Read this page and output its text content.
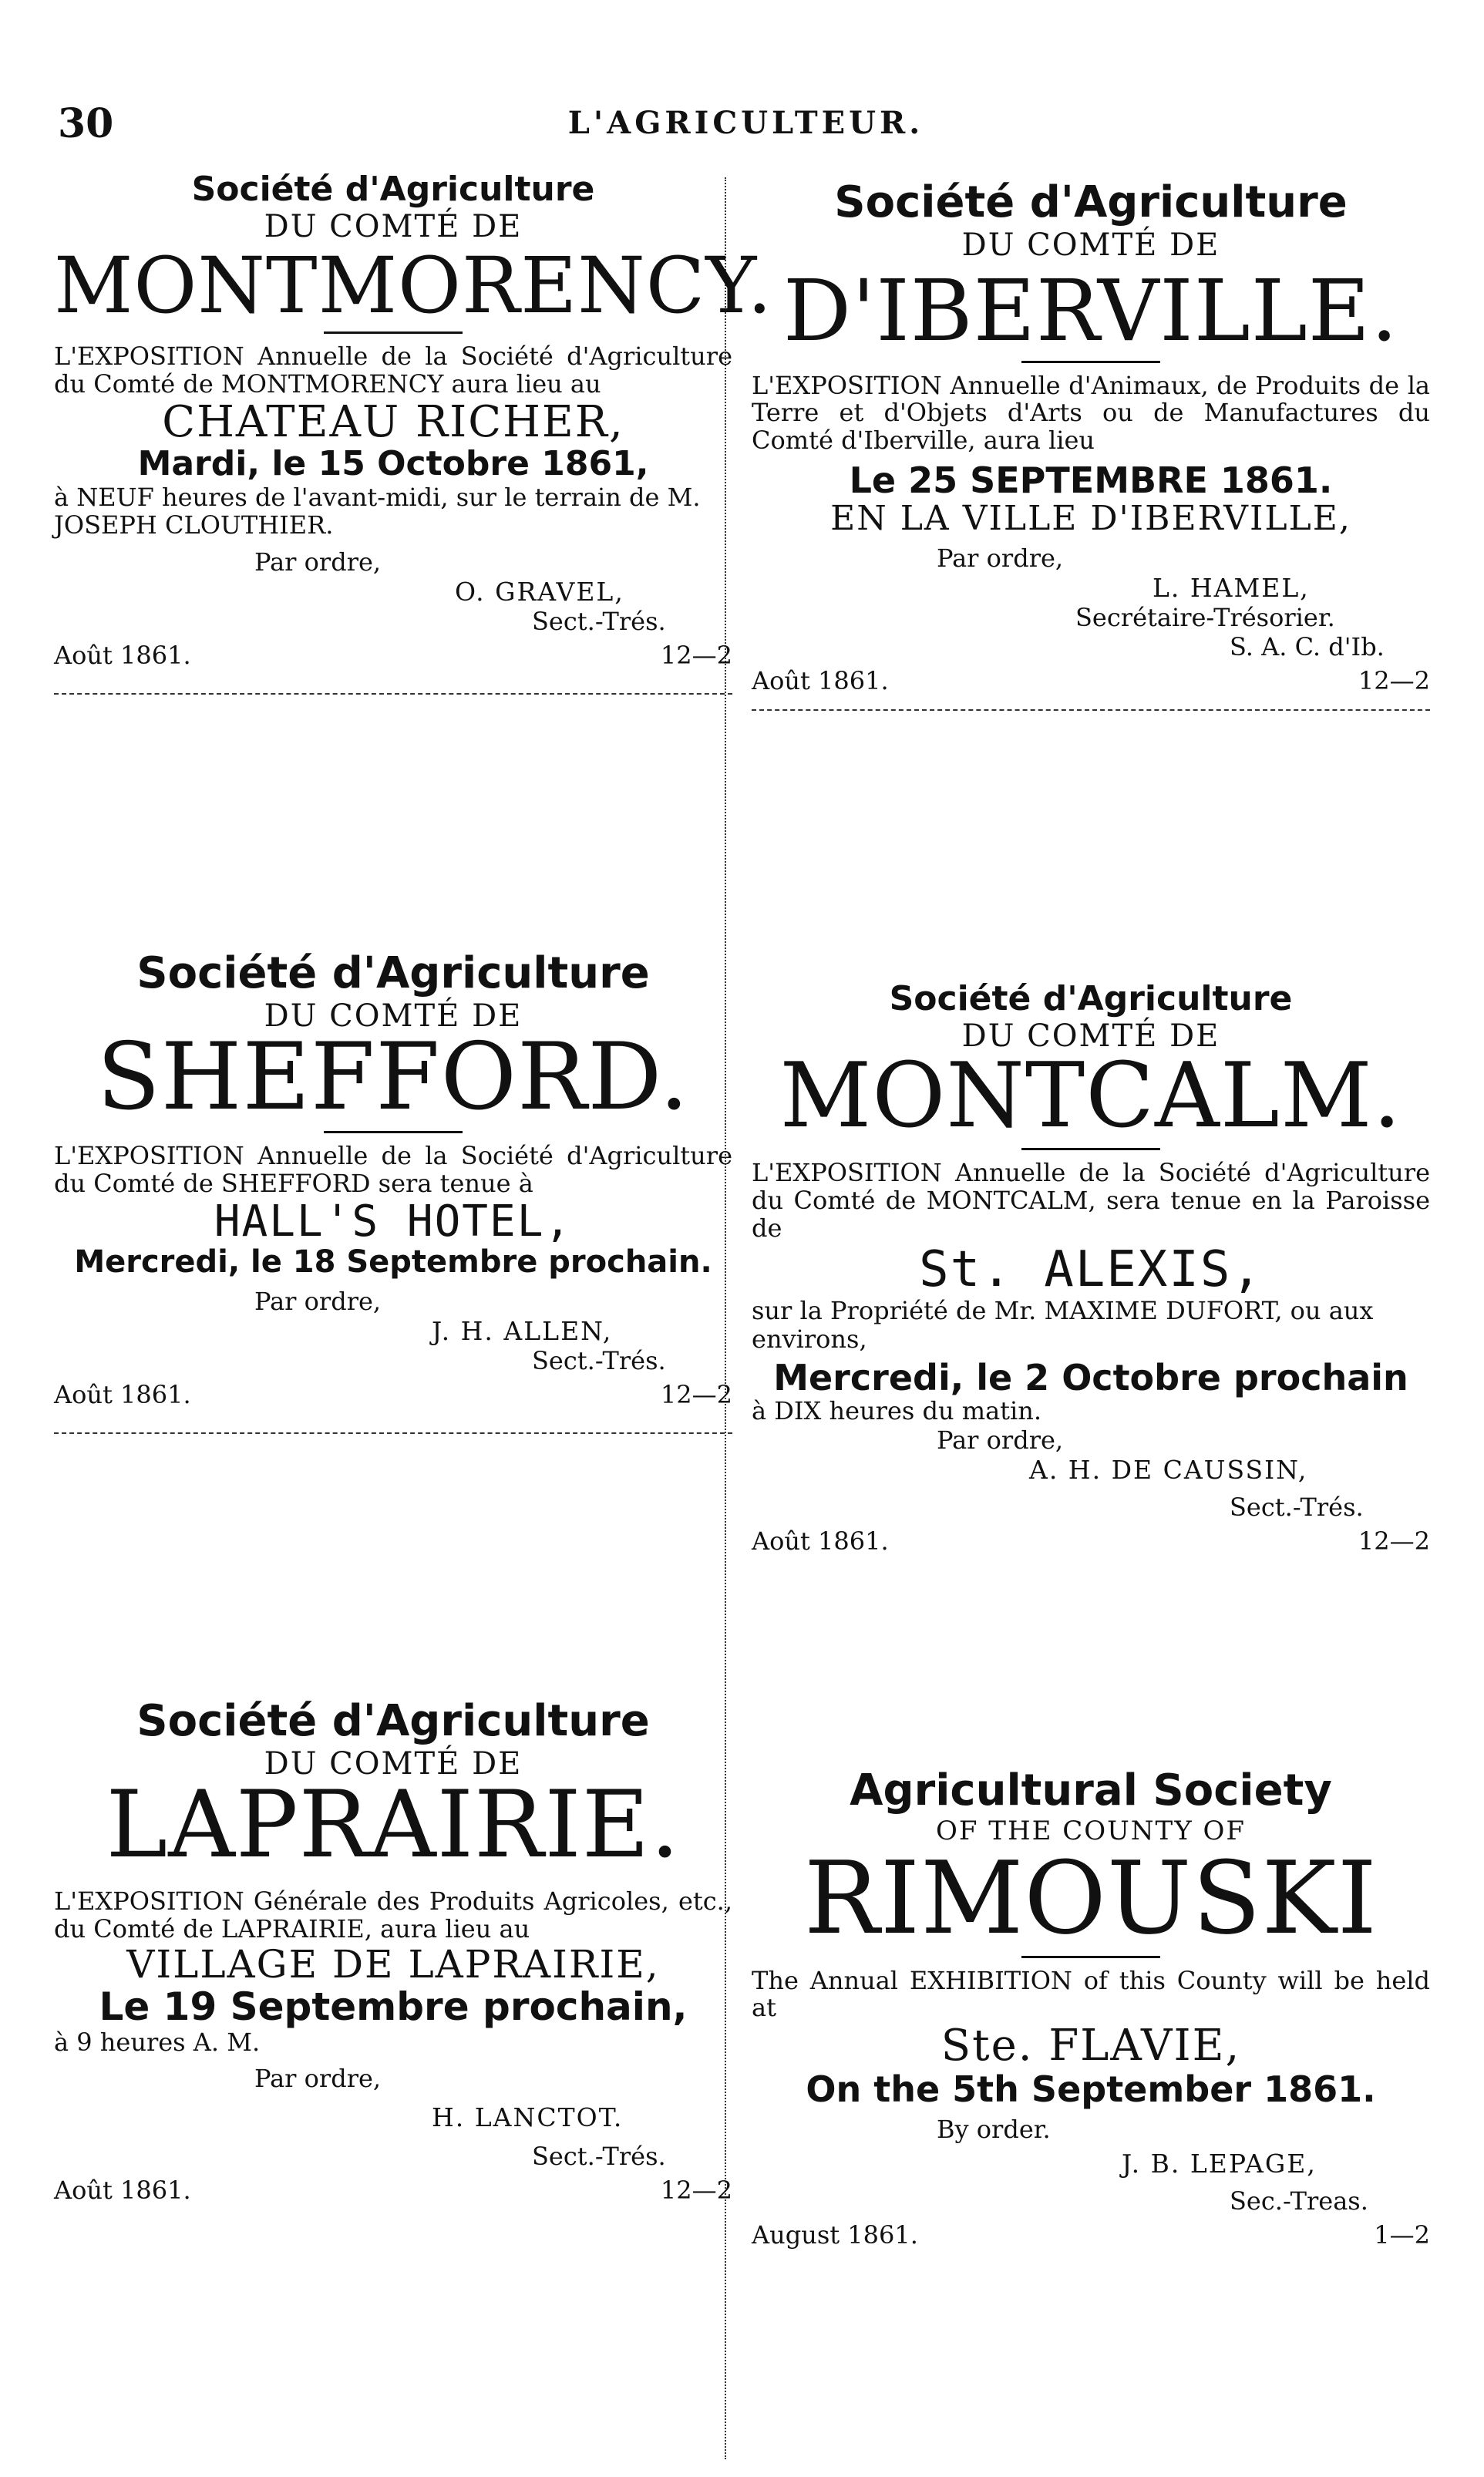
30	L'AGRICULTEUR.
Société d'Agriculture
DU COMTÉ DE
MONTMORENCY.
L'EXPOSITION Annuelle de la Société d'Agriculture du Comté de MONTMORENCY aura lieu au
CHATEAU RICHER,
Mardi, le 15 Octobre 1861,
à NEUF heures de l'avant-midi, sur le terrain de M. JOSEPH CLOUTHIER.
Par ordre,
O. GRAVEL,
Sect.-Trés.
Août 1861.	12—2
Société d'Agriculture
DU COMTÉ DE
SHEFFORD.
L'EXPOSITION Annuelle de la Société d'Agriculture du Comté de SHEFFORD sera tenue à
HALL'S HOTEL,
Mercredi, le 18 Septembre prochain.
Par ordre,
J. H. ALLEN,
Sect.-Trés.
Août 1861.	12—2
Société d'Agriculture
DU COMTÉ DE
LAPRAIRIE.
L'EXPOSITION Générale des Produits Agricoles, etc., du Comté de LAPRAIRIE, aura lieu au
VILLAGE DE LAPRAIRIE,
Le 19 Septembre prochain,
à 9 heures A. M.
Par ordre,
H. LANCTOT.
Sect.-Trés.
Août 1861.	12—2
Société d'Agriculture
DU COMTÉ DE
D'IBERVILLE.
L'EXPOSITION Annuelle d'Animaux, de Produits de la Terre et d'Objets d'Arts ou de Manufactures du Comté d'Iberville, aura lieu
Le 25 SEPTEMBRE 1861.
EN LA VILLE D'IBERVILLE,
Par ordre,
L. HAMEL,
Secrétaire-Trésorier.
S. A. C. d'Ib.
Août 1861.	12—2
Société d'Agriculture
DU COMTÉ DE
MONTCALM.
L'EXPOSITION Annuelle de la Société d'Agriculture du Comté de MONTCALM, sera tenue en la Paroisse de
St. ALEXIS,
sur la Propriété de Mr. MAXIME DUFORT, ou aux environs,
Mercredi, le 2 Octobre prochain
à DIX heures du matin.
Par ordre,
A. H. DE CAUSSIN,
Sect.-Trés.
Août 1861.	12—2
Agricultural Society
OF THE COUNTY OF
RIMOUSKI
The Annual EXHIBITION of this County will be held at
Ste. FLAVIE,
On the 5th September 1861.
By order.
J. B. LEPAGE,
Sec.-Treas.
August 1861.	1—2
